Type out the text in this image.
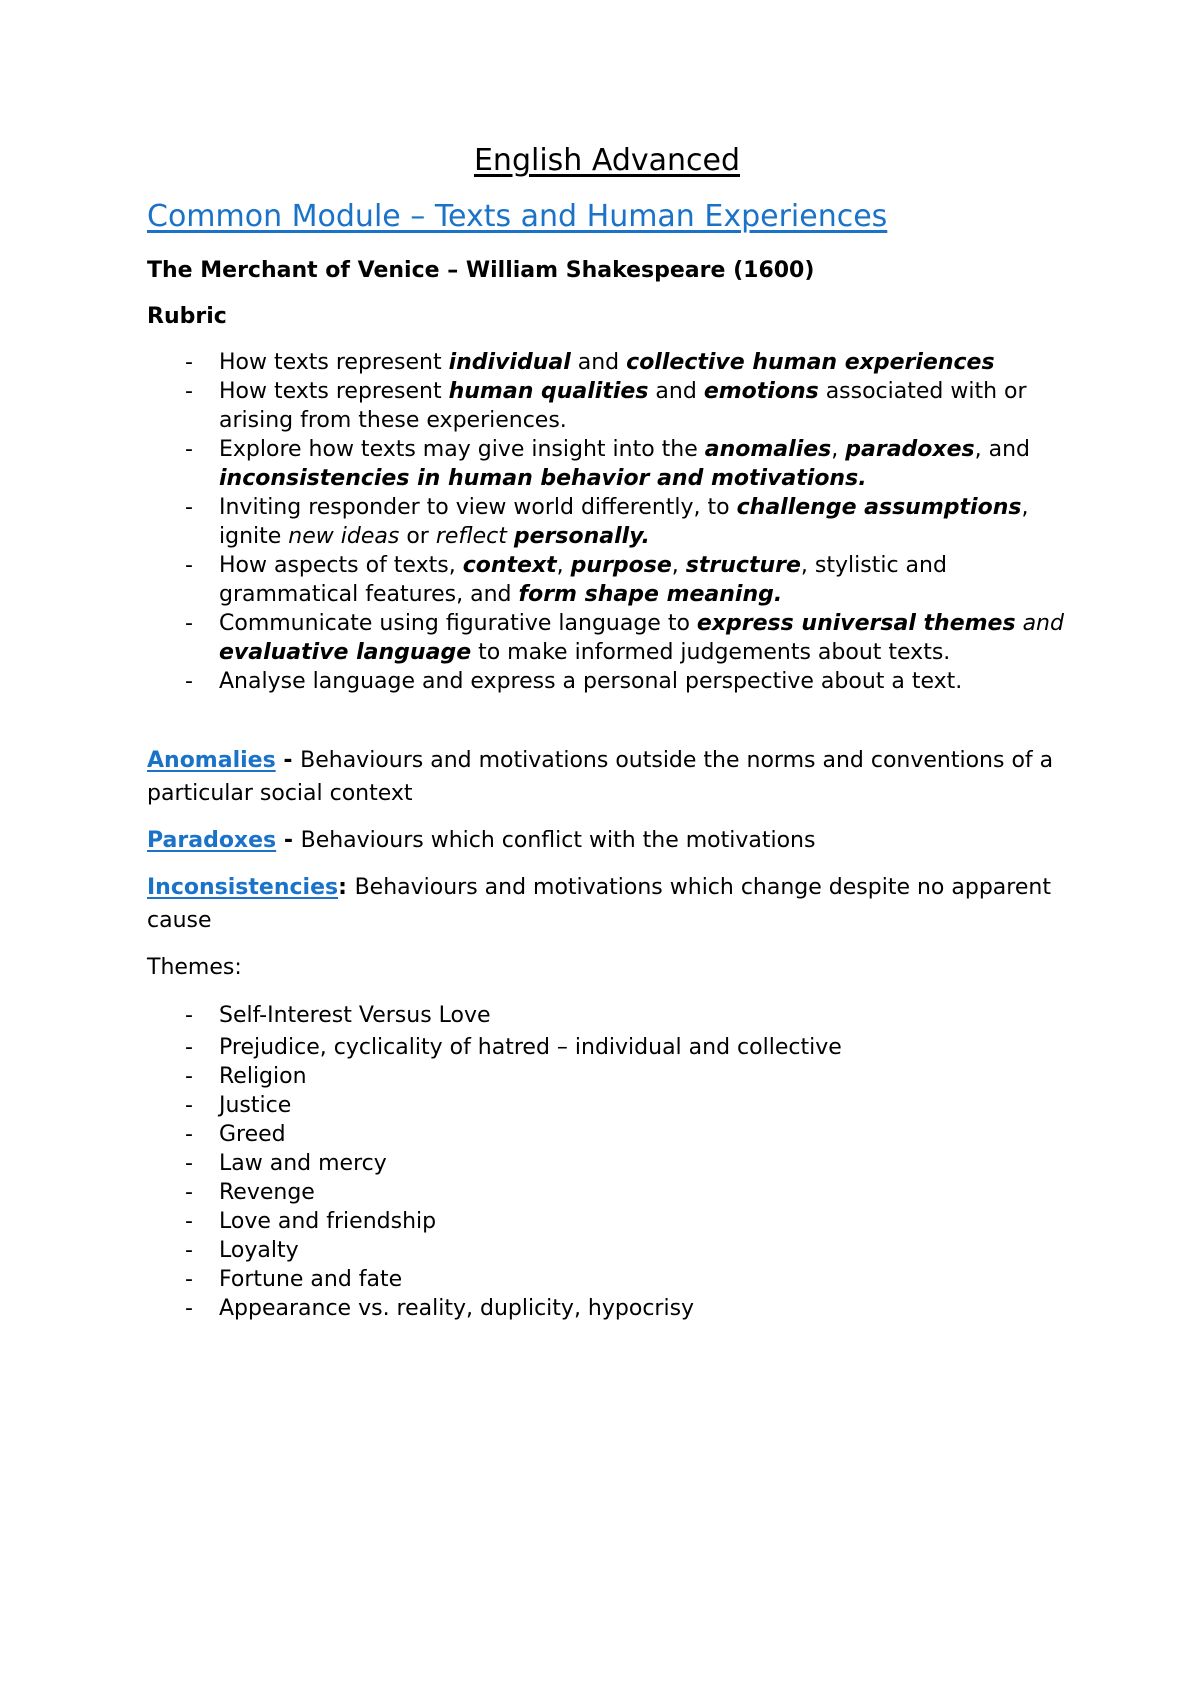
English Advanced
Common Module – Texts and Human Experiences

The Merchant of Venice – William Shakespeare (1600)

Rubric

- How texts represent individual and collective human experiences
- How texts represent human qualities and emotions associated with or arising from these experiences.
- Explore how texts may give insight into the anomalies, paradoxes, and inconsistencies in human behavior and motivations.
- Inviting responder to view world differently, to challenge assumptions, ignite new ideas or reflect personally.
- How aspects of texts, context, purpose, structure, stylistic and grammatical features, and form shape meaning.
- Communicate using figurative language to express universal themes and evaluative language to make informed judgements about texts.
- Analyse language and express a personal perspective about a text.

Anomalies - Behaviours and motivations outside the norms and conventions of a particular social context

Paradoxes - Behaviours which conflict with the motivations

Inconsistencies: Behaviours and motivations which change despite no apparent cause

Themes:

- Self-Interest Versus Love
- Prejudice, cyclicality of hatred – individual and collective
- Religion
- Justice
- Greed
- Law and mercy
- Revenge
- Love and friendship
- Loyalty
- Fortune and fate
- Appearance vs. reality, duplicity, hypocrisy
